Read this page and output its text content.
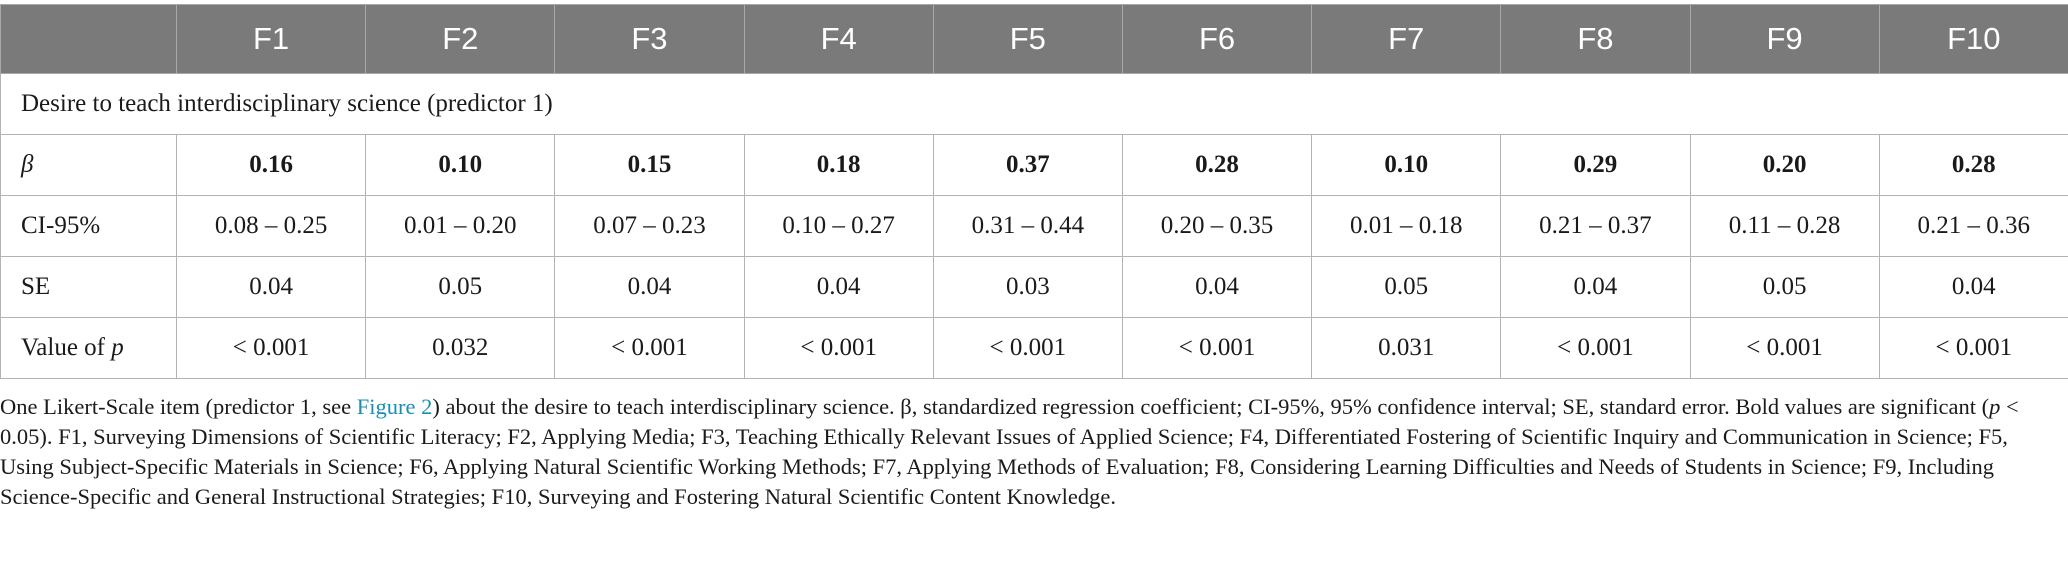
	F1	F2	F3	F4	F5	F6	F7	F8	F9	F10
Desire to teach interdisciplinary science (predictor 1)										
β	0.16	0.10	0.15	0.18	0.37	0.28	0.10	0.29	0.20	0.28
CI-95%	0.08 – 0.25	0.01 – 0.20	0.07 – 0.23	0.10 – 0.27	0.31 – 0.44	0.20 – 0.35	0.01 – 0.18	0.21 – 0.37	0.11 – 0.28	0.21 – 0.36
SE	0.04	0.05	0.04	0.04	0.03	0.04	0.05	0.04	0.05	0.04
Value of p	< 0.001	0.032	< 0.001	< 0.001	< 0.001	< 0.001	0.031	< 0.001	< 0.001	< 0.001
One Likert-Scale item (predictor 1, see Figure 2) about the desire to teach interdisciplinary science. β, standardized regression coefficient; CI-95%, 95% confidence interval; SE, standard error. Bold values are significant (p < 0.05). F1, Surveying Dimensions of Scientific Literacy; F2, Applying Media; F3, Teaching Ethically Relevant Issues of Applied Science; F4, Differentiated Fostering of Scientific Inquiry and Communication in Science; F5, Using Subject-Specific Materials in Science; F6, Applying Natural Scientific Working Methods; F7, Applying Methods of Evaluation; F8, Considering Learning Difficulties and Needs of Students in Science; F9, Including Science-Specific and General Instructional Strategies; F10, Surveying and Fostering Natural Scientific Content Knowledge.
